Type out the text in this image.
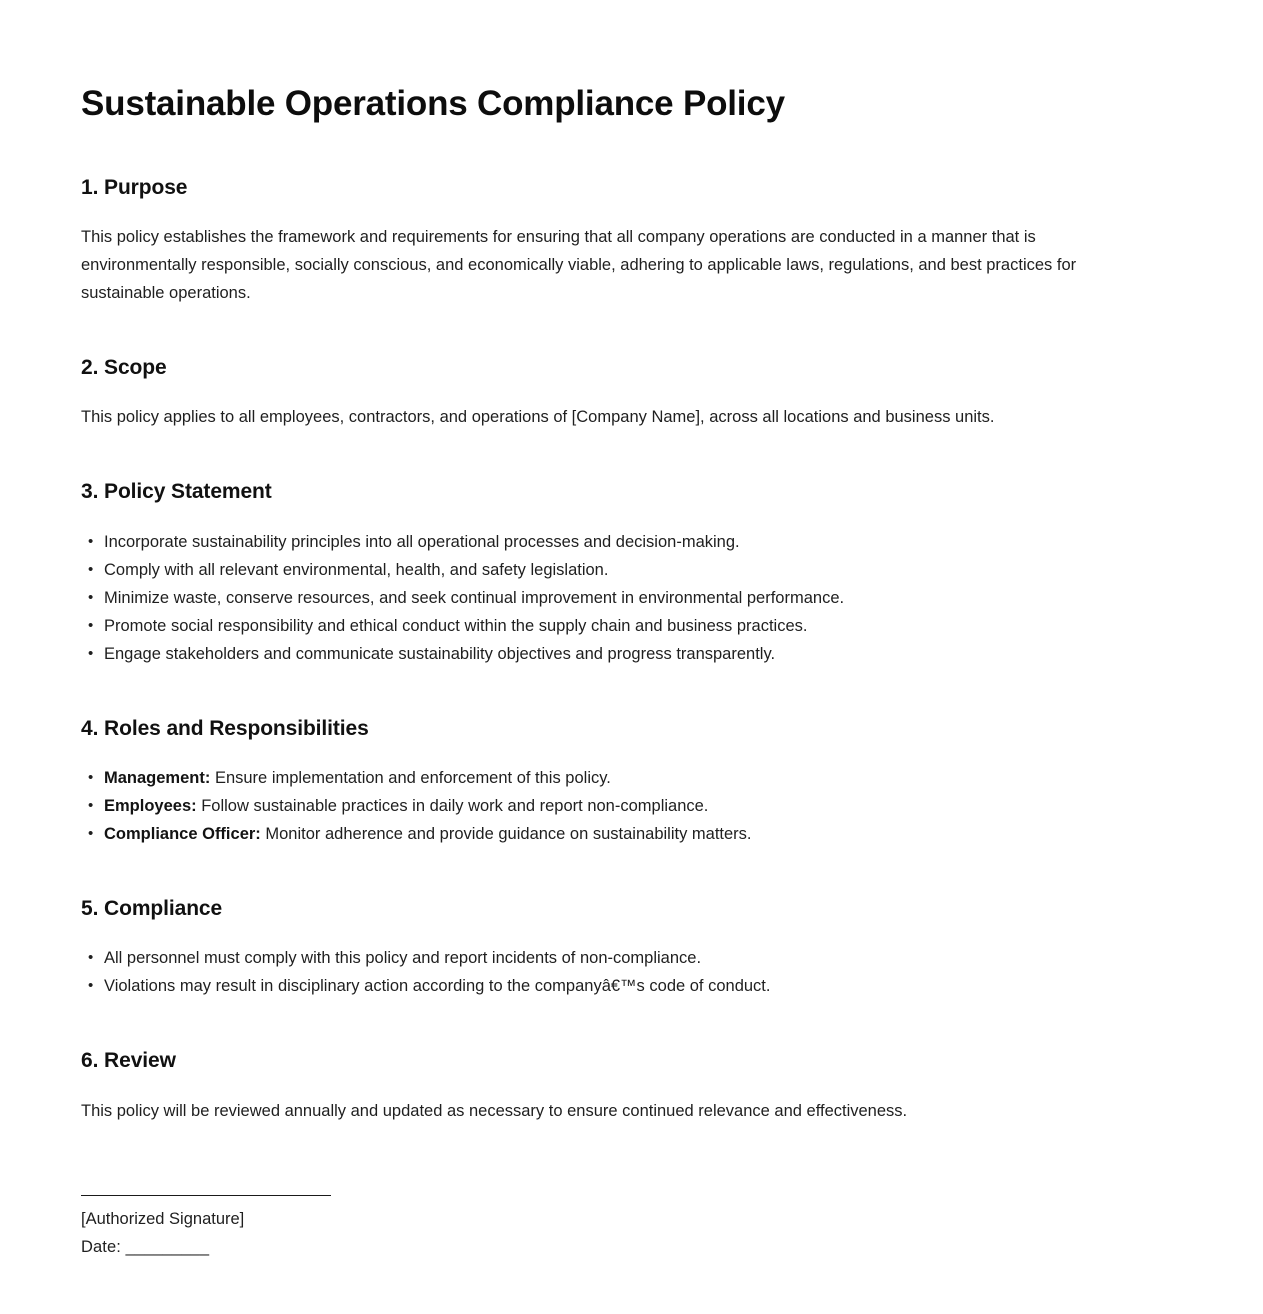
Sustainable Operations Compliance Policy
1. Purpose

This policy establishes the framework and requirements for ensuring that all company operations are conducted in a manner that is environmentally responsible, socially conscious, and economically viable, adhering to applicable laws, regulations, and best practices for sustainable operations.

2. Scope

This policy applies to all employees, contractors, and operations of [Company Name], across all locations and business units.

3. Policy Statement
• Incorporate sustainability principles into all operational processes and decision-making.
• Comply with all relevant environmental, health, and safety legislation.
• Minimize waste, conserve resources, and seek continual improvement in environmental performance.
• Promote social responsibility and ethical conduct within the supply chain and business practices.
• Engage stakeholders and communicate sustainability objectives and progress transparently.
4. Roles and Responsibilities
• Management: Ensure implementation and enforcement of this policy.
• Employees: Follow sustainable practices in daily work and report non-compliance.
• Compliance Officer: Monitor adherence and provide guidance on sustainability matters.
5. Compliance
• All personnel must comply with this policy and report incidents of non-compliance.
• Violations may result in disciplinary action according to the companyâ€™s code of conduct.
6. Review

This policy will be reviewed annually and updated as necessary to ensure continued relevance and effectiveness.

[Authorized Signature]

Date: _________
